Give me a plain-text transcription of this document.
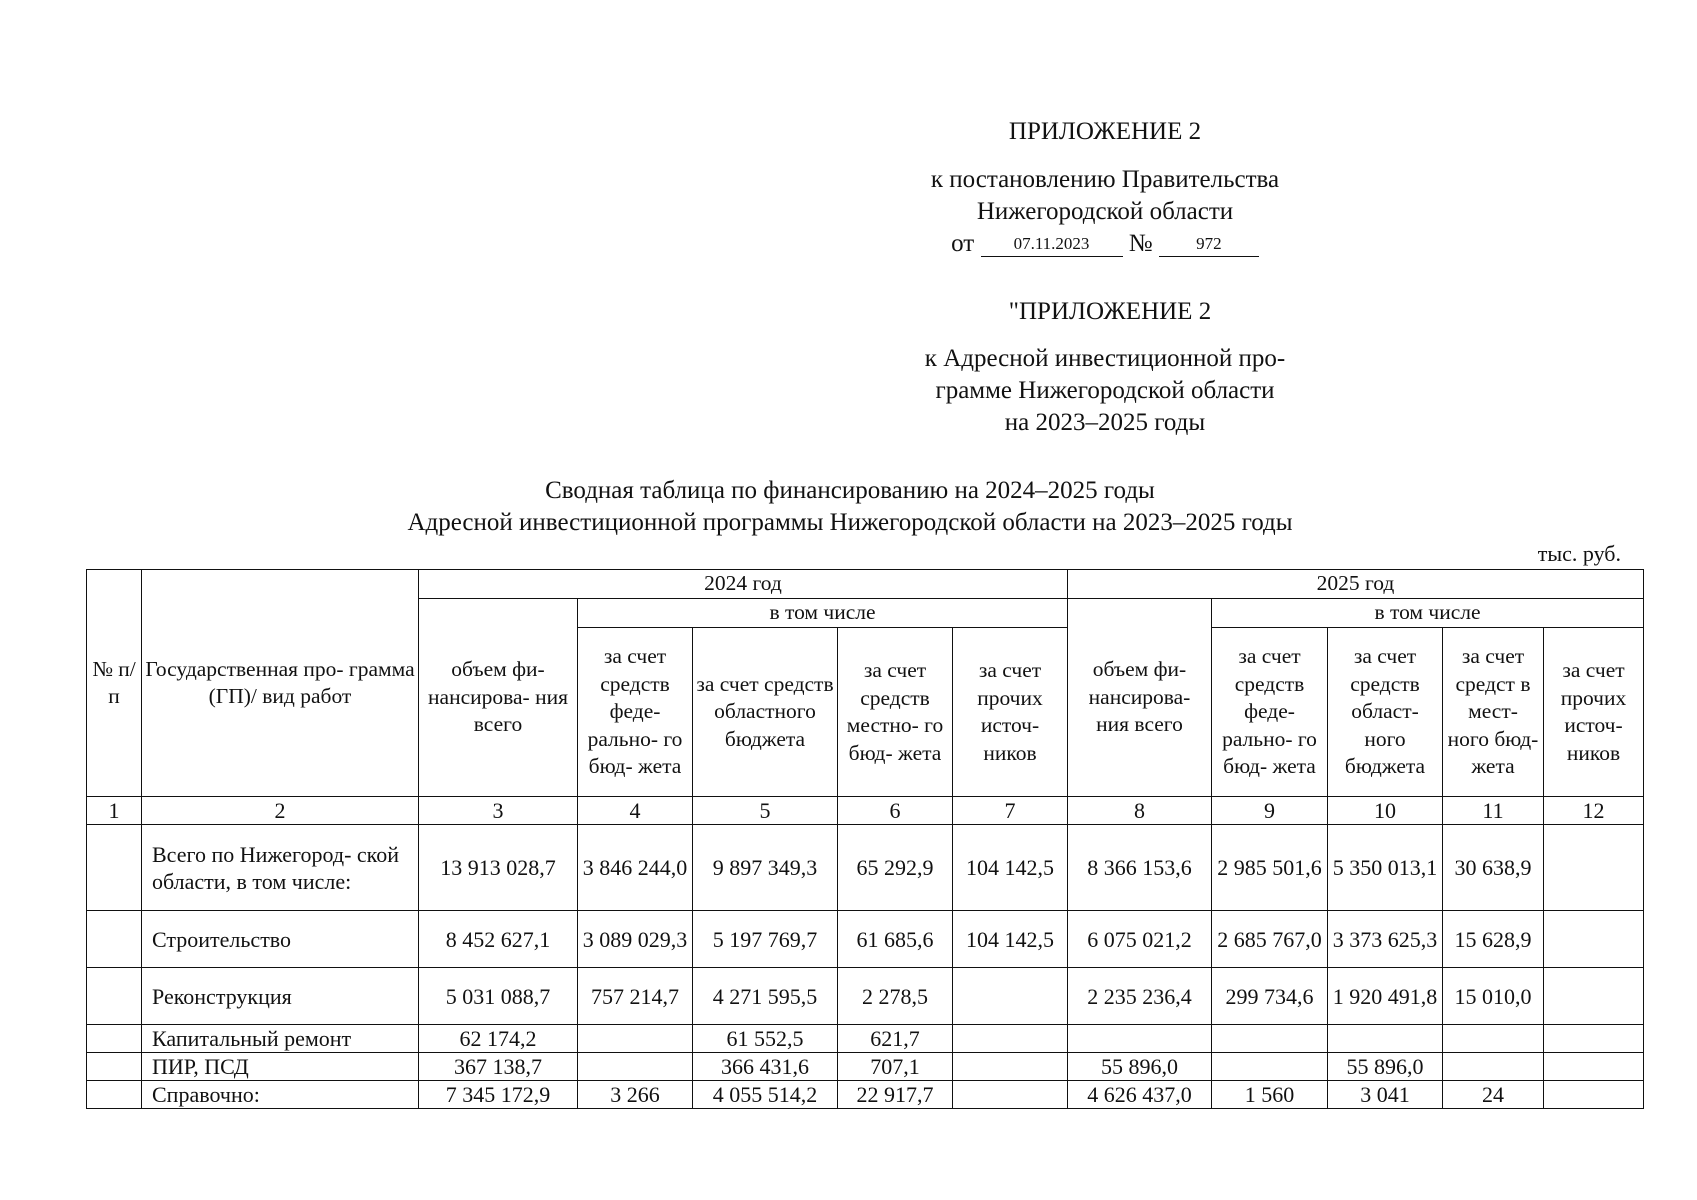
ПРИЛОЖЕНИЕ 2
к постановлению Правительства
Нижегородской области
от 07.11.2023 №	972
"ПРИЛОЖЕНИЕ 2
к Адресной инвестиционной про-
грамме Нижегородской области
на 2023–2025 годы
Сводная таблица по финансированию на 2024–2025 годы
Адресной инвестиционной программы Нижегородской области на 2023–2025 годы
тыс. руб.
№ п/п	Государственная про- грамма (ГП)/ вид работ	2024 год					2025 год				
		объем фи- нансирова- ния всего	в том числе				объем фи- нансирова- ния всего	в том числе			
			за счет средств феде- рально- го бюд- жета	за счет средств областного бюджета	за счет средств местно- го бюд- жета	за счет прочих источ- ников		за счет средств феде- рально- го бюд- жета	за счет средств област- ного бюджета	за счет средст в мест- ного бюд- жета	за счет прочих источ- ников
1	2	3	4	5	6	7	8	9	10	11	12
	Всего по Нижегород- ской области, в том числе:	13 913 028,7	3 846 244,0	9 897 349,3	65 292,9	104 142,5	8 366 153,6	2 985 501,6	5 350 013,1	30 638,9	
	Строительство	8 452 627,1	3 089 029,3	5 197 769,7	61 685,6	104 142,5	6 075 021,2	2 685 767,0	3 373 625,3	15 628,9	
	Реконструкция	5 031 088,7	757 214,7	4 271 595,5	2 278,5		2 235 236,4	299 734,6	1 920 491,8	15 010,0	
	Капитальный ремонт	62 174,2		61 552,5	621,7						
	ПИР, ПСД	367 138,7		366 431,6	707,1		55 896,0		55 896,0		
	Справочно:	7 345 172,9	3 266	4 055 514,2	22 917,7		4 626 437,0	1 560	3 041	24	
